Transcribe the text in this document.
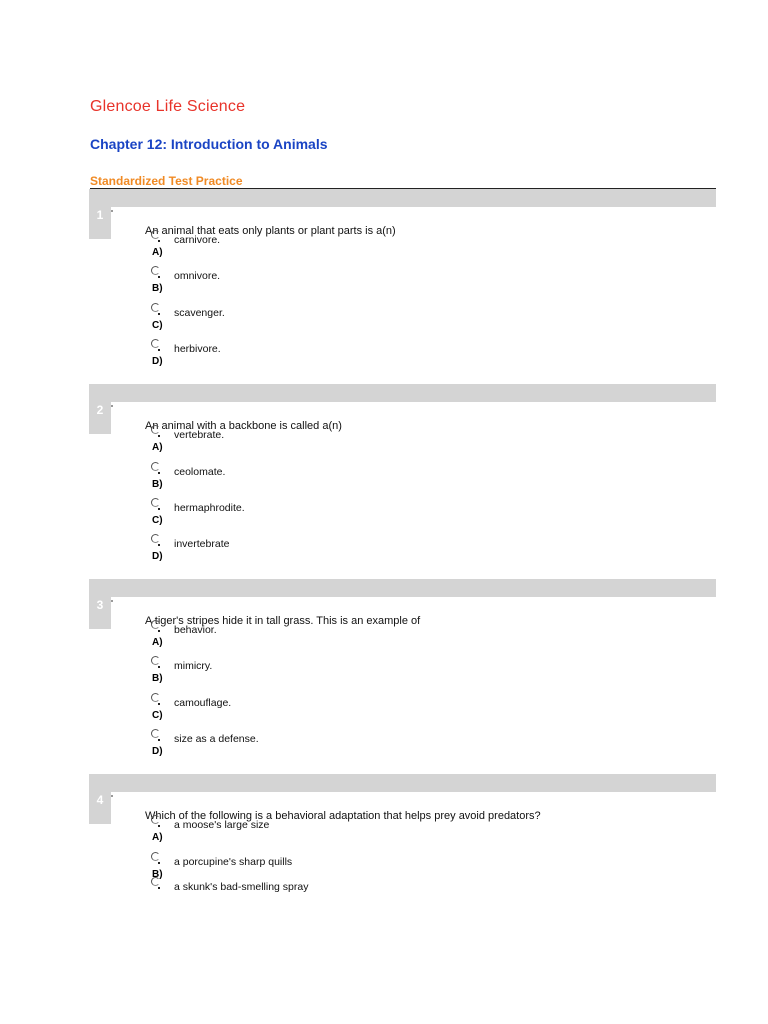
Glencoe Life Science
Chapter 12: Introduction to Animals
Standardized Test Practice
1
An animal that eats only plants or plant parts is a(n)
carnivore.
A)
omnivore.
B)
scavenger.
C)
herbivore.
D)
2
An animal with a backbone is called a(n)
vertebrate.
A)
ceolomate.
B)
hermaphrodite.
C)
invertebrate
D)
3
A tiger's stripes hide it in tall grass. This is an example of
behavior.
A)
mimicry.
B)
camouflage.
C)
size as a defense.
D)
4
Which of the following is a behavioral adaptation that helps prey avoid predators?
a moose's large size
A)
a porcupine's sharp quills
B)
a skunk's bad-smelling spray
